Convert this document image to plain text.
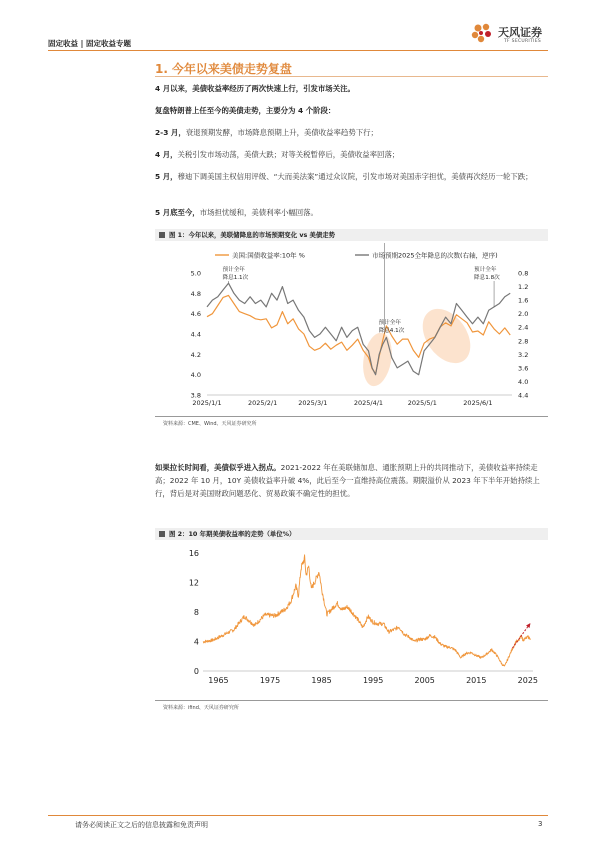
固定收益 | 固定收益专题
天风证券
TF SECURITIES
1. 今年以来美债走势复盘
4 月以来，美债收益率经历了两次快速上行，引发市场关注。
复盘特朗普上任至今的美债走势，主要分为 4 个阶段：
2-3 月，衰退预期发酵，市场降息预期上升，美债收益率趋势下行；
4 月，关税引发市场动荡，美债大跌；对等关税暂停后，美债收益率回落；
5 月，穆迪下调美国主权信用评级、“大而美法案”通过众议院，引发市场对美国赤字担忧，美债再次经历一轮下跌；
5 月底至今，市场担忧缓和，美债利率小幅回落。
图 1：今年以来，美联储降息的市场预期变化 vs 美债走势
美国:国债收益率:10年 %	市场预期2025全年降息的次数(右轴，逆序)
3.8
4.0
4.2
4.4
4.6
4.8
5.0	0.8
1.2
1.6
2.0
2.4
2.8
3.2
3.6
4.0
4.4
2025/1/1	2025/2/1	2025/3/1	2025/4/1	2025/5/1	2025/6/1
预计全年
降息1.1次
预计全年
降息4.1次
预计全年
降息1.8次
资料来源：CME、Wind、天风证券研究所
如果拉长时间看，美债似乎进入拐点。2021-2022 年在美联储加息、通胀预期上升的共同推动下，美债收益率持续走高；2022 年 10 月，10Y 美债收益率升破 4%，此后至今一直维持高位震荡。期限溢价从 2023 年下半年开始持续上行，背后是对美国财政问题恶化、贸易政策不确定性的担忧。
图 2：10 年期美债收益率的走势（单位%）
0
4
8
12
16
1965	1975	1985	1995	2005	2015	2025
资料来源：ifind、天风证券研究所
请务必阅读正文之后的信息披露和免责声明	3
